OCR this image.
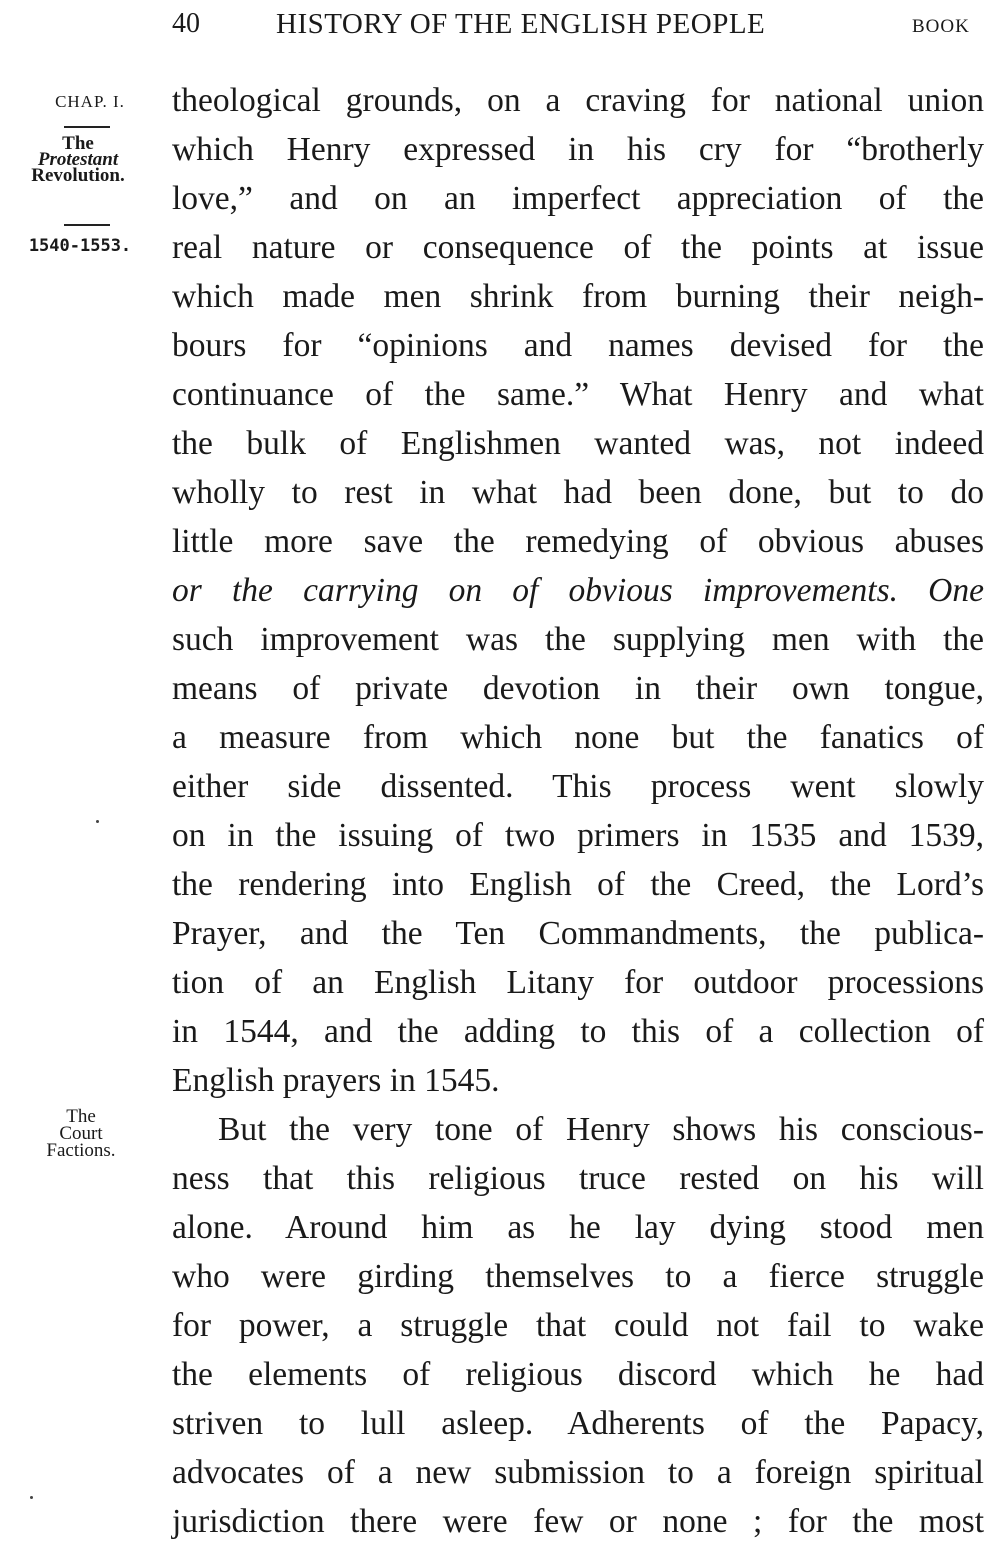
40	HISTORY OF THE ENGLISH PEOPLE	BOOK
CHAP. I.
The
Protestant
Revolution.
1540-1553.
The
Court
Factions.
theological grounds, on a craving for national union
which Henry expressed in his cry for “brotherly
love,” and on an imperfect appreciation of the
real nature or consequence of the points at issue
which made men shrink from burning their neigh-
bours for “opinions and names devised for the
continuance of the same.” What Henry and what
the bulk of Englishmen wanted was, not indeed
wholly to rest in what had been done, but to do
little more save the remedying of obvious abuses
or the carrying on of obvious improvements. One
such improvement was the supplying men with the
means of private devotion in their own tongue,
a measure from which none but the fanatics of
either side dissented. This process went slowly
on in the issuing of two primers in 1535 and 1539,
the rendering into English of the Creed, the Lord’s
Prayer, and the Ten Commandments, the publica-
tion of an English Litany for outdoor processions
in 1544, and the adding to this of a collection of
English prayers in 1545.
But the very tone of Henry shows his conscious-
ness that this religious truce rested on his will
alone. Around him as he lay dying stood men
who were girding themselves to a fierce struggle
for power, a struggle that could not fail to wake
the elements of religious discord which he had
striven to lull asleep. Adherents of the Papacy,
advocates of a new submission to a foreign spiritual
jurisdiction there were few or none ; for the most
